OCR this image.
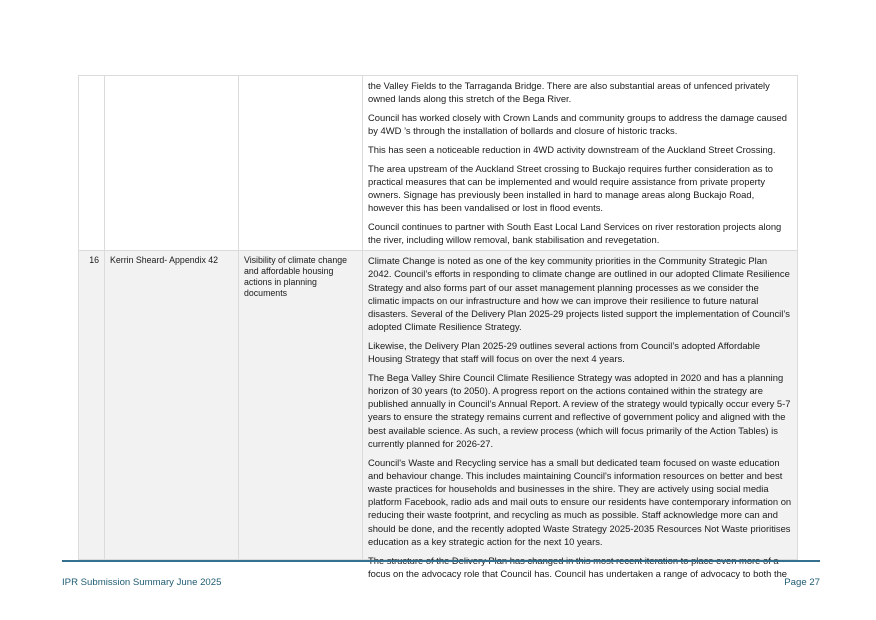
			the Valley Fields to the Tarraganda Bridge. There are also substantial areas of unfenced privately owned lands along this stretch of the Bega River.

Council has worked closely with Crown Lands and community groups to address the damage caused by 4WD ’s through the installation of bollards and closure of historic tracks.

This has seen a noticeable reduction in 4WD activity downstream of the Auckland Street Crossing.

The area upstream of the Auckland Street crossing to Buckajo requires further consideration as to practical measures that can be implemented and would require assistance from private property owners. Signage has previously been installed in hard to manage areas along Buckajo Road, however this has been vandalised or lost in flood events.

Council continues to partner with South East Local Land Services on river restoration projects along the river, including willow removal, bank stabilisation and revegetation.

16	Kerrin Sheard- Appendix 42	Visibility of climate change and affordable housing actions in planning documents	Climate Change is noted as one of the key community priorities in the Community Strategic Plan 2042. Council’s efforts in responding to climate change are outlined in our adopted Climate Resilience Strategy and also forms part of our asset management planning processes as we consider the climatic impacts on our infrastructure and how we can improve their resilience to future natural disasters. Several of the Delivery Plan 2025-29 projects listed support the implementation of Council’s adopted Climate Resilience Strategy.

Likewise, the Delivery Plan 2025-29 outlines several actions from Council’s adopted Affordable Housing Strategy that staff will focus on over the next 4 years.

The Bega Valley Shire Council Climate Resilience Strategy was adopted in 2020 and has a planning horizon of 30 years (to 2050). A progress report on the actions contained within the strategy are published annually in Council’s Annual Report. A review of the strategy would typically occur every 5-7 years to ensure the strategy remains current and reflective of government policy and aligned with the best available science. As such, a review process (which will focus primarily of the Action Tables) is currently planned for 2026-27.

Council's Waste and Recycling service has a small but dedicated team focused on waste education and behaviour change. This includes maintaining Council's information resources on better and best waste practices for households and businesses in the shire. They are actively using social media platform Facebook, radio ads and mail outs to ensure our residents have contemporary information on reducing their waste footprint, and recycling as much as possible. Staff acknowledge more can and should be done, and the recently adopted Waste Strategy 2025-2035 Resources Not Waste prioritises education as a key strategic action for the next 10 years.

focus on the advocacy role that Council has. Council has undertaken a range of advocacy to both the

IPR Submission Summary June 2025	Page 27
